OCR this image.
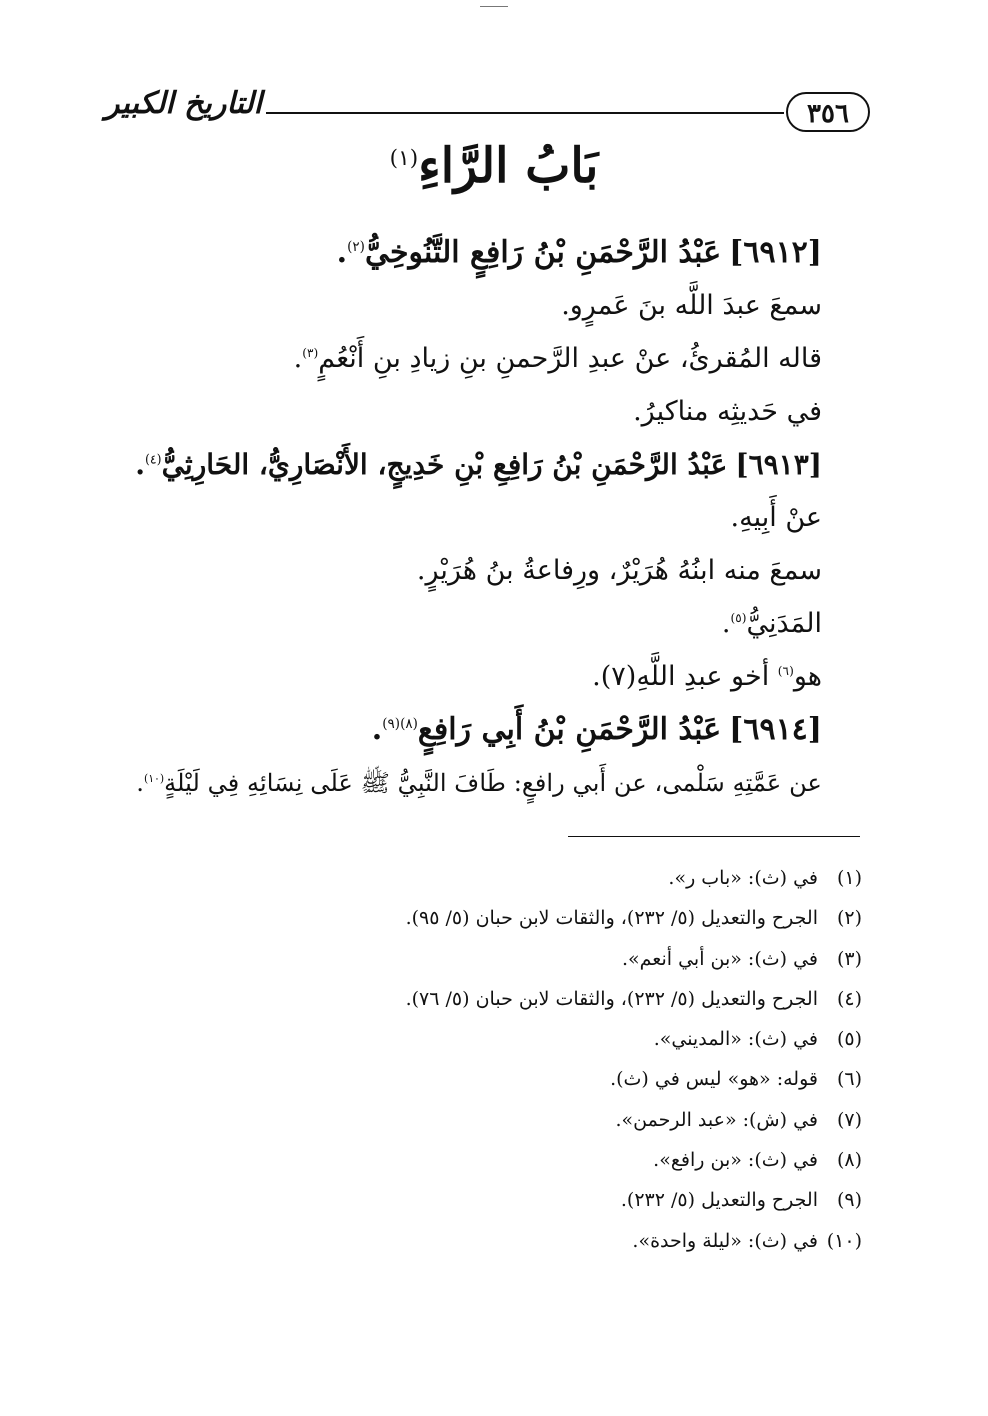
٣٥٦
التاريخ الكبير
بَابُ الرَّاءِ$^{(١)}$
[٦٩١٢]عَبْدُ الرَّحْمَنِ بْنُ رَافِعٍ التَّنُوخِيُّ$^{(٢)}$.
سمعَ عبدَ اللَّه بنَ عَمرٍو.
قاله المُقرئُ، عنْ عبدِ الرَّحمنِ بنِ زيادِ بنِ أَنْعُمٍ$^{(٣)}$.
في حَديثِه مناكيرُ.
[٦٩١٣]عَبْدُ الرَّحْمَنِ بْنُ رَافِعِ بْنِ خَدِيجٍ، الأَنْصَارِيُّ، الحَارِثِيُّ$^{(٤)}$.
عنْ أَبِيهِ.
سمعَ منه ابنُهُ هُرَيْرٌ، ورِفاعةُ بنُ هُرَيْرٍ.
المَدَنِيُّ$^{(٥)}$.
هو$^{(٦)}$ أخو عبدِ اللَّهِ(٧).
[٦٩١٤]عَبْدُ الرَّحْمَنِ بْنُ أَبِي رَافِعٍ$^{(٨)(٩)}$.
عن عَمَّتِهِ سَلْمى، عن أَبي رافعٍ: طَافَ النَّبِيُّ ﷺ عَلَى نِسَائِهِ فِي لَيْلَةٍ$^{(١٠)}$.
(١)في (ث): «باب ر».
(٢)الجرح والتعديل (٥/ ٢٣٢)، والثقات لابن حبان (٥/ ٩٥).
(٣)في (ث): «بن أبي أنعم».
(٤)الجرح والتعديل (٥/ ٢٣٢)، والثقات لابن حبان (٥/ ٧٦).
(٥)في (ث): «المديني».
(٦)قوله: «هو» ليس في (ث).
(٧)في (ش): «عبد الرحمن».
(٨)في (ث): «بن رافع».
(٩)الجرح والتعديل (٥/ ٢٣٢).
(١٠)في (ث): «ليلة واحدة».
